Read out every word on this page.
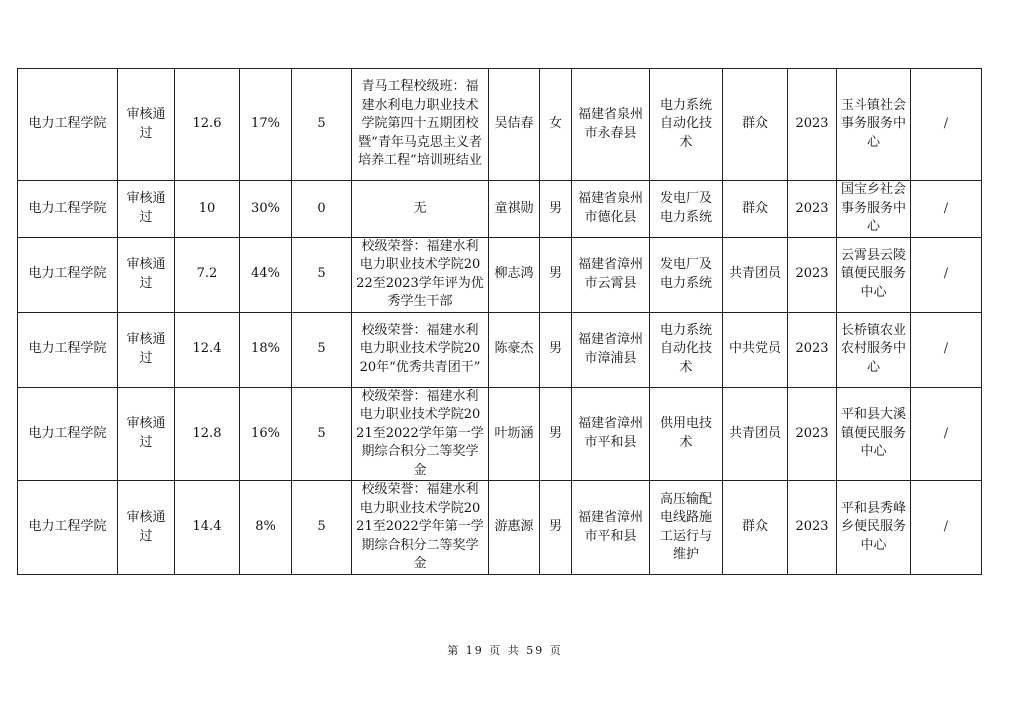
电力工程学院	审核通过	12.6	17%	5	青马工程校级班：福建水利电力职业技术学院第四十五期团校暨“青年马克思主义者培养工程”培训班结业	吴佶春	女	福建省泉州市永春县	电力系统自动化技术	群众	2023	玉斗镇社会事务服务中心	/
电力工程学院	审核通过	10	30%	0	无	童祺勋	男	福建省泉州市德化县	发电厂及电力系统	群众	2023	国宝乡社会事务服务中心	/
电力工程学院	审核通过	7.2	44%	5	校级荣誉：福建水利电力职业技术学院2022至2023学年评为优秀学生干部	柳志鸿	男	福建省漳州市云霄县	发电厂及电力系统	共青团员	2023	云霄县云陵镇便民服务中心	/
电力工程学院	审核通过	12.4	18%	5	校级荣誉：福建水利电力职业技术学院2020年“优秀共青团干”	陈豪杰	男	福建省漳州市漳浦县	电力系统自动化技术	中共党员	2023	长桥镇农业农村服务中心	/
电力工程学院	审核通过	12.8	16%	5	校级荣誉：福建水利电力职业技术学院2021至2022学年第一学期综合积分二等奖学金	叶坜涵	男	福建省漳州市平和县	供用电技术	共青团员	2023	平和县大溪镇便民服务中心	/
电力工程学院	审核通过	14.4	8%	5	校级荣誉：福建水利电力职业技术学院2021至2022学年第一学期综合积分二等奖学金	游惠源	男	福建省漳州市平和县	高压输配电线路施工运行与维护	群众	2023	平和县秀峰乡便民服务中心	/
第 19 页 共 59 页
